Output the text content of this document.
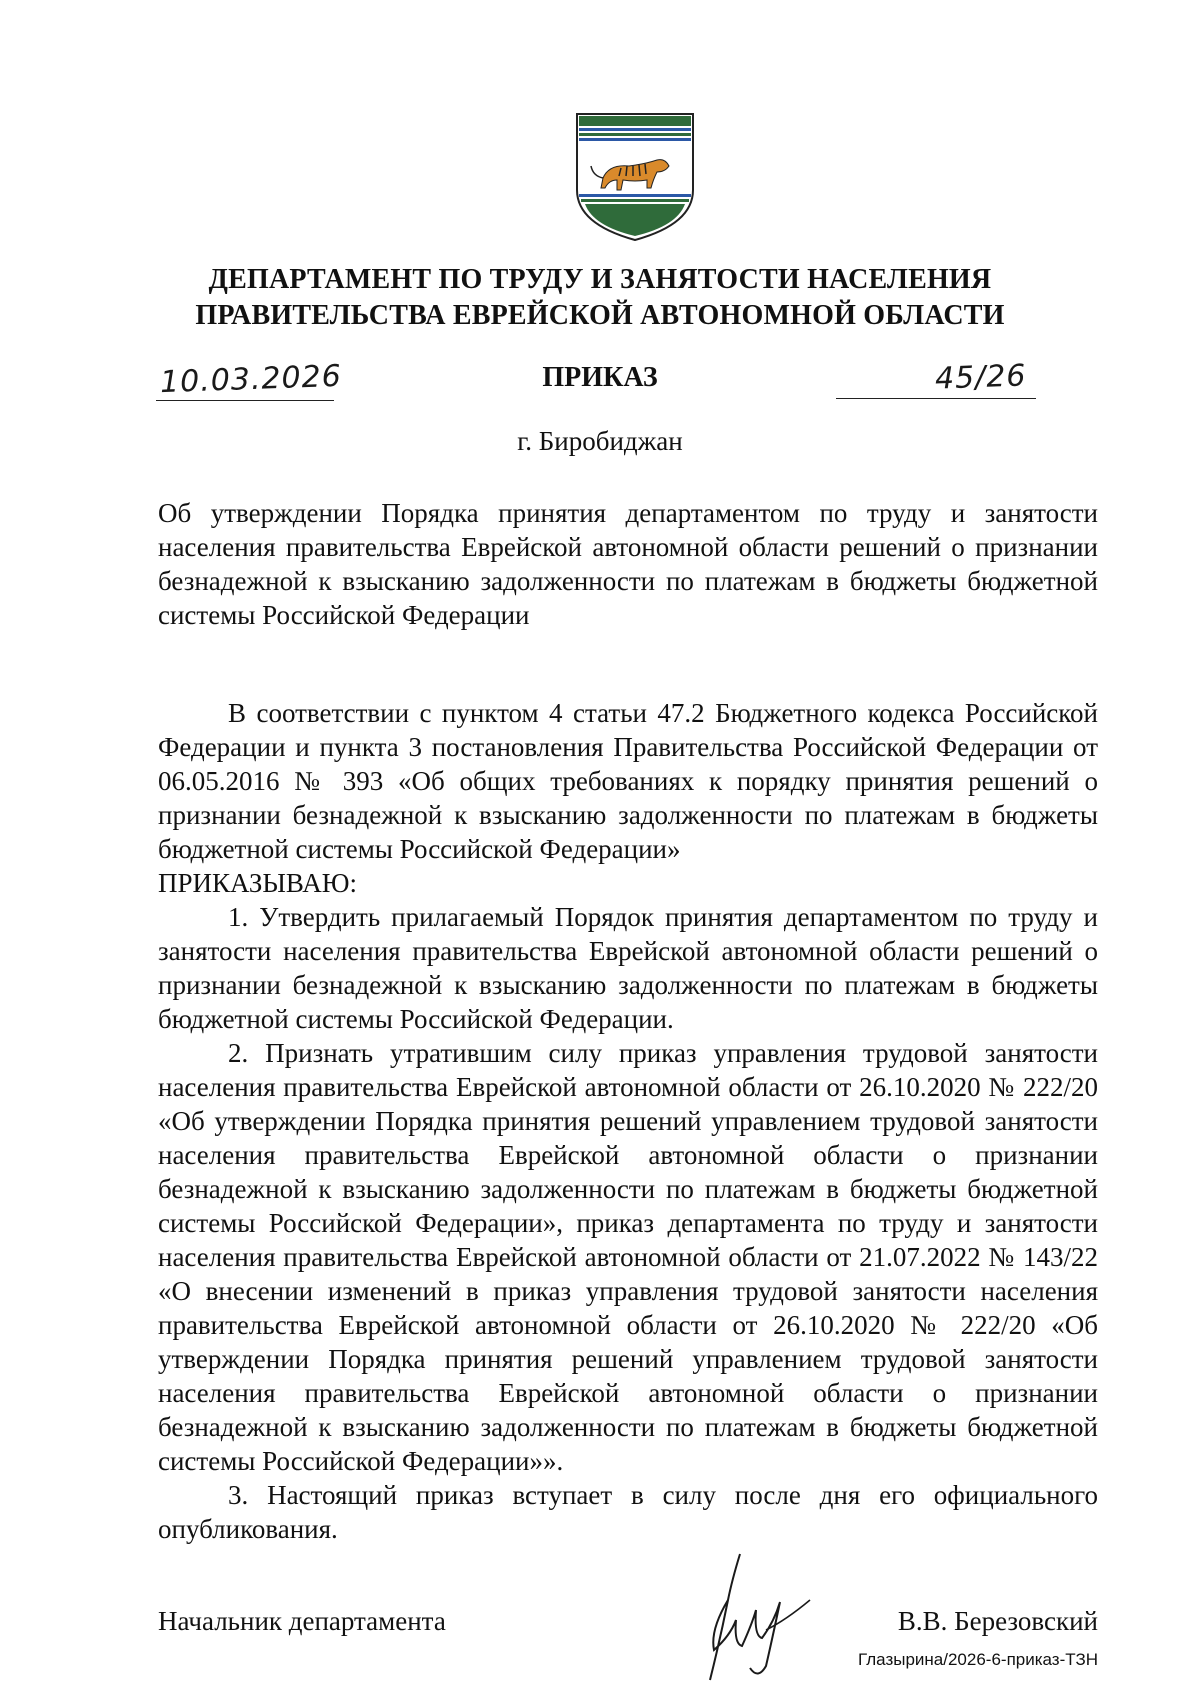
ДЕПАРТАМЕНТ ПО ТРУДУ И ЗАНЯТОСТИ НАСЕЛЕНИЯ
ПРАВИТЕЛЬСТВА ЕВРЕЙСКОЙ АВТОНОМНОЙ ОБЛАСТИ
10.03.2026	ПРИКАЗ	45/26
г. Биробиджан
Об утверждении Порядка принятия департаментом по труду и занятости населения правительства Еврейской автономной области решений о признании безнадежной к взысканию задолженности по платежам в бюджеты бюджетной системы Российской Федерации

В соответствии с пунктом 4 статьи 47.2 Бюджетного кодекса Российской Федерации и пункта 3 постановления Правительства Российской Федерации от 06.05.2016 № 393 «Об общих требованиях к порядку принятия решений о признании безнадежной к взысканию задолженности по платежам в бюджеты бюджетной системы Российской Федерации»

ПРИКАЗЫВАЮ:

1. Утвердить прилагаемый Порядок принятия департаментом по труду и занятости населения правительства Еврейской автономной области решений о признании безнадежной к взысканию задолженности по платежам в бюджеты бюджетной системы Российской Федерации.

2. Признать утратившим силу приказ управления трудовой занятости населения правительства Еврейской автономной области от 26.10.2020 № 222/20 «Об утверждении Порядка принятия решений управлением трудовой занятости населения правительства Еврейской автономной области о признании безнадежной к взысканию задолженности по платежам в бюджеты бюджетной системы Российской Федерации», приказ департамента по труду и занятости населения правительства Еврейской автономной области от 21.07.2022 № 143/22 «О внесении изменений в приказ управления трудовой занятости населения правительства Еврейской автономной области от 26.10.2020 № 222/20 «Об утверждении Порядка принятия решений управлением трудовой занятости населения правительства Еврейской автономной области о признании безнадежной к взысканию задолженности по платежам в бюджеты бюджетной системы Российской Федерации»».

3. Настоящий приказ вступает в силу после дня его официального опубликования.

Начальник департамента	В.В. Березовский
Глазырина/2026-6-приказ-ТЗН
